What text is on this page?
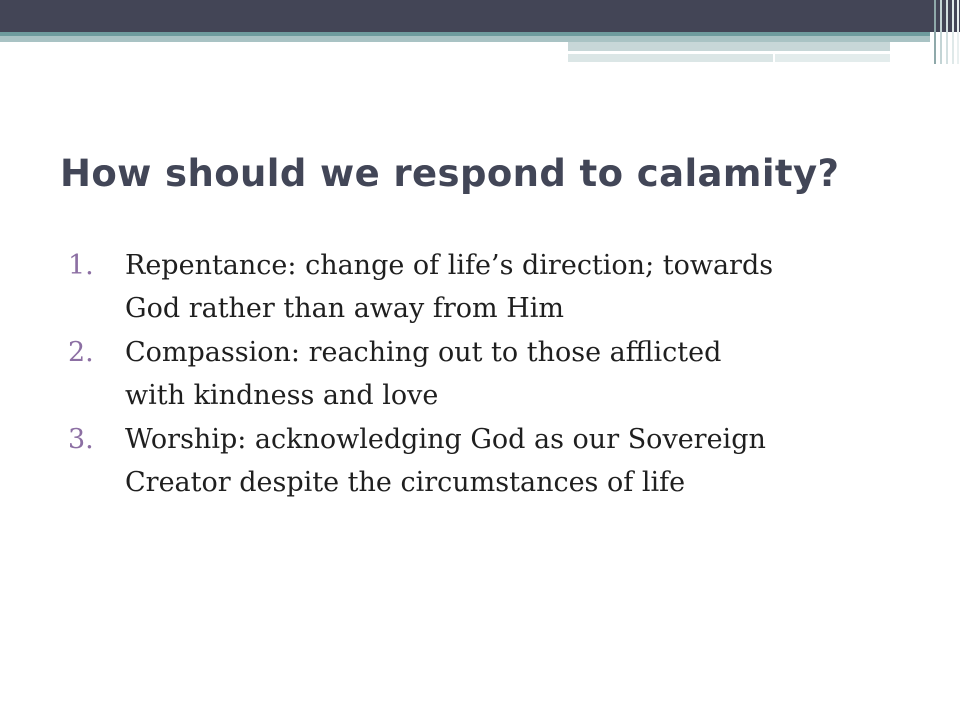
How should we respond to calamity?
1.	Repentance: change of life’s direction; towards
God rather than away from Him
2.	Compassion: reaching out to those afflicted
with kindness and love
3.	Worship: acknowledging God as our Sovereign
Creator despite the circumstances of life
